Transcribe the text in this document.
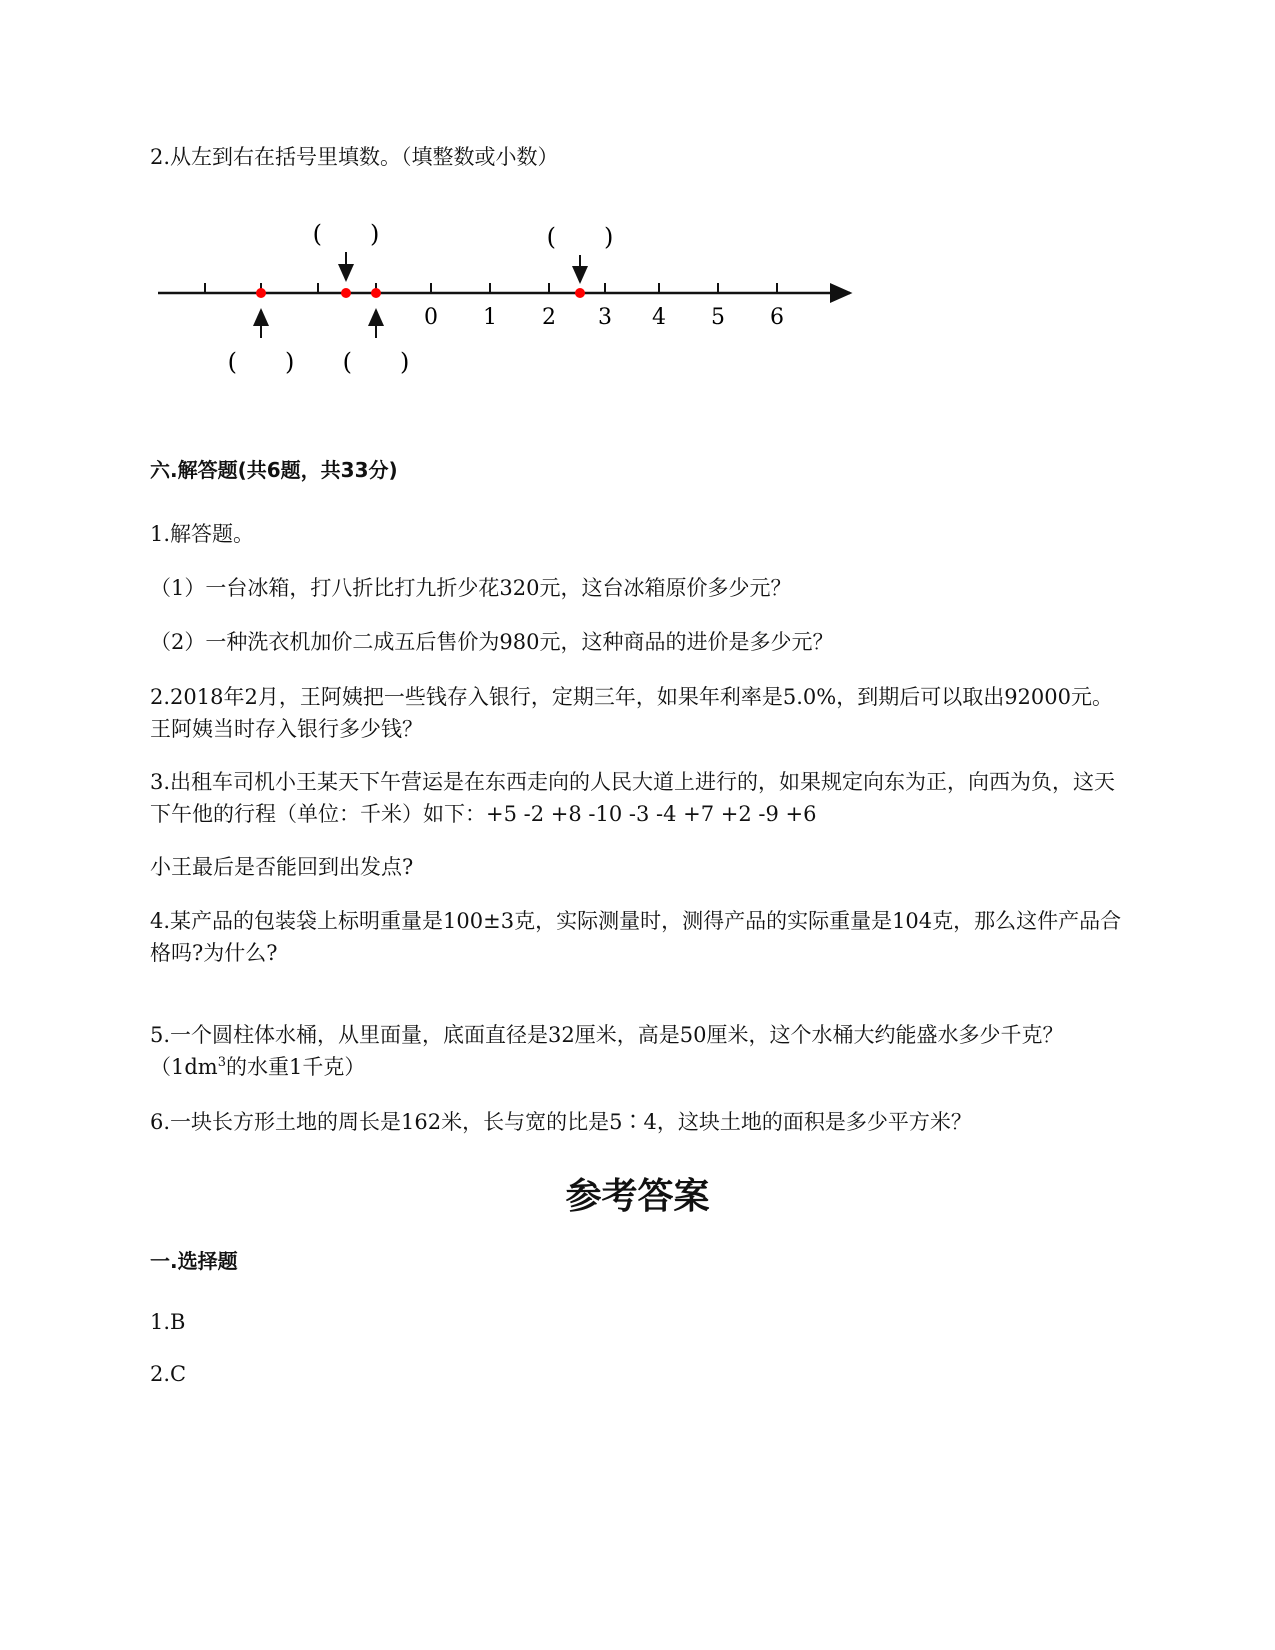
2.从左到右在括号里填数。（填整数或小数）
0 1 2 3 4 5 6
(　　)	(　　)
(　　) (　　)
六.解答题(共6题，共33分)
1.解答题。
（1）一台冰箱，打八折比打九折少花320元，这台冰箱原价多少元？
（2）一种洗衣机加价二成五后售价为980元，这种商品的进价是多少元？
2.2018年2月，王阿姨把一些钱存入银行，定期三年，如果年利率是5.0%，到期后可以取出92000元。王阿姨当时存入银行多少钱？
3.出租车司机小王某天下午营运是在东西走向的人民大道上进行的，如果规定向东为正，向西为负，这天下午他的行程（单位：千米）如下：+5 -2 +8 -10 -3 -4 +7 +2 -9 +6
小王最后是否能回到出发点?
4.某产品的包装袋上标明重量是100±3克，实际测量时，测得产品的实际重量是104克，那么这件产品合格吗?为什么?
5.一个圆柱体水桶，从里面量，底面直径是32厘米，高是50厘米，这个水桶大约能盛水多少千克？（$1dm^3$的水重1千克）
6.一块长方形土地的周长是162米，长与宽的比是5∶4，这块土地的面积是多少平方米？
参考答案
一.选择题
1.B
2.C
